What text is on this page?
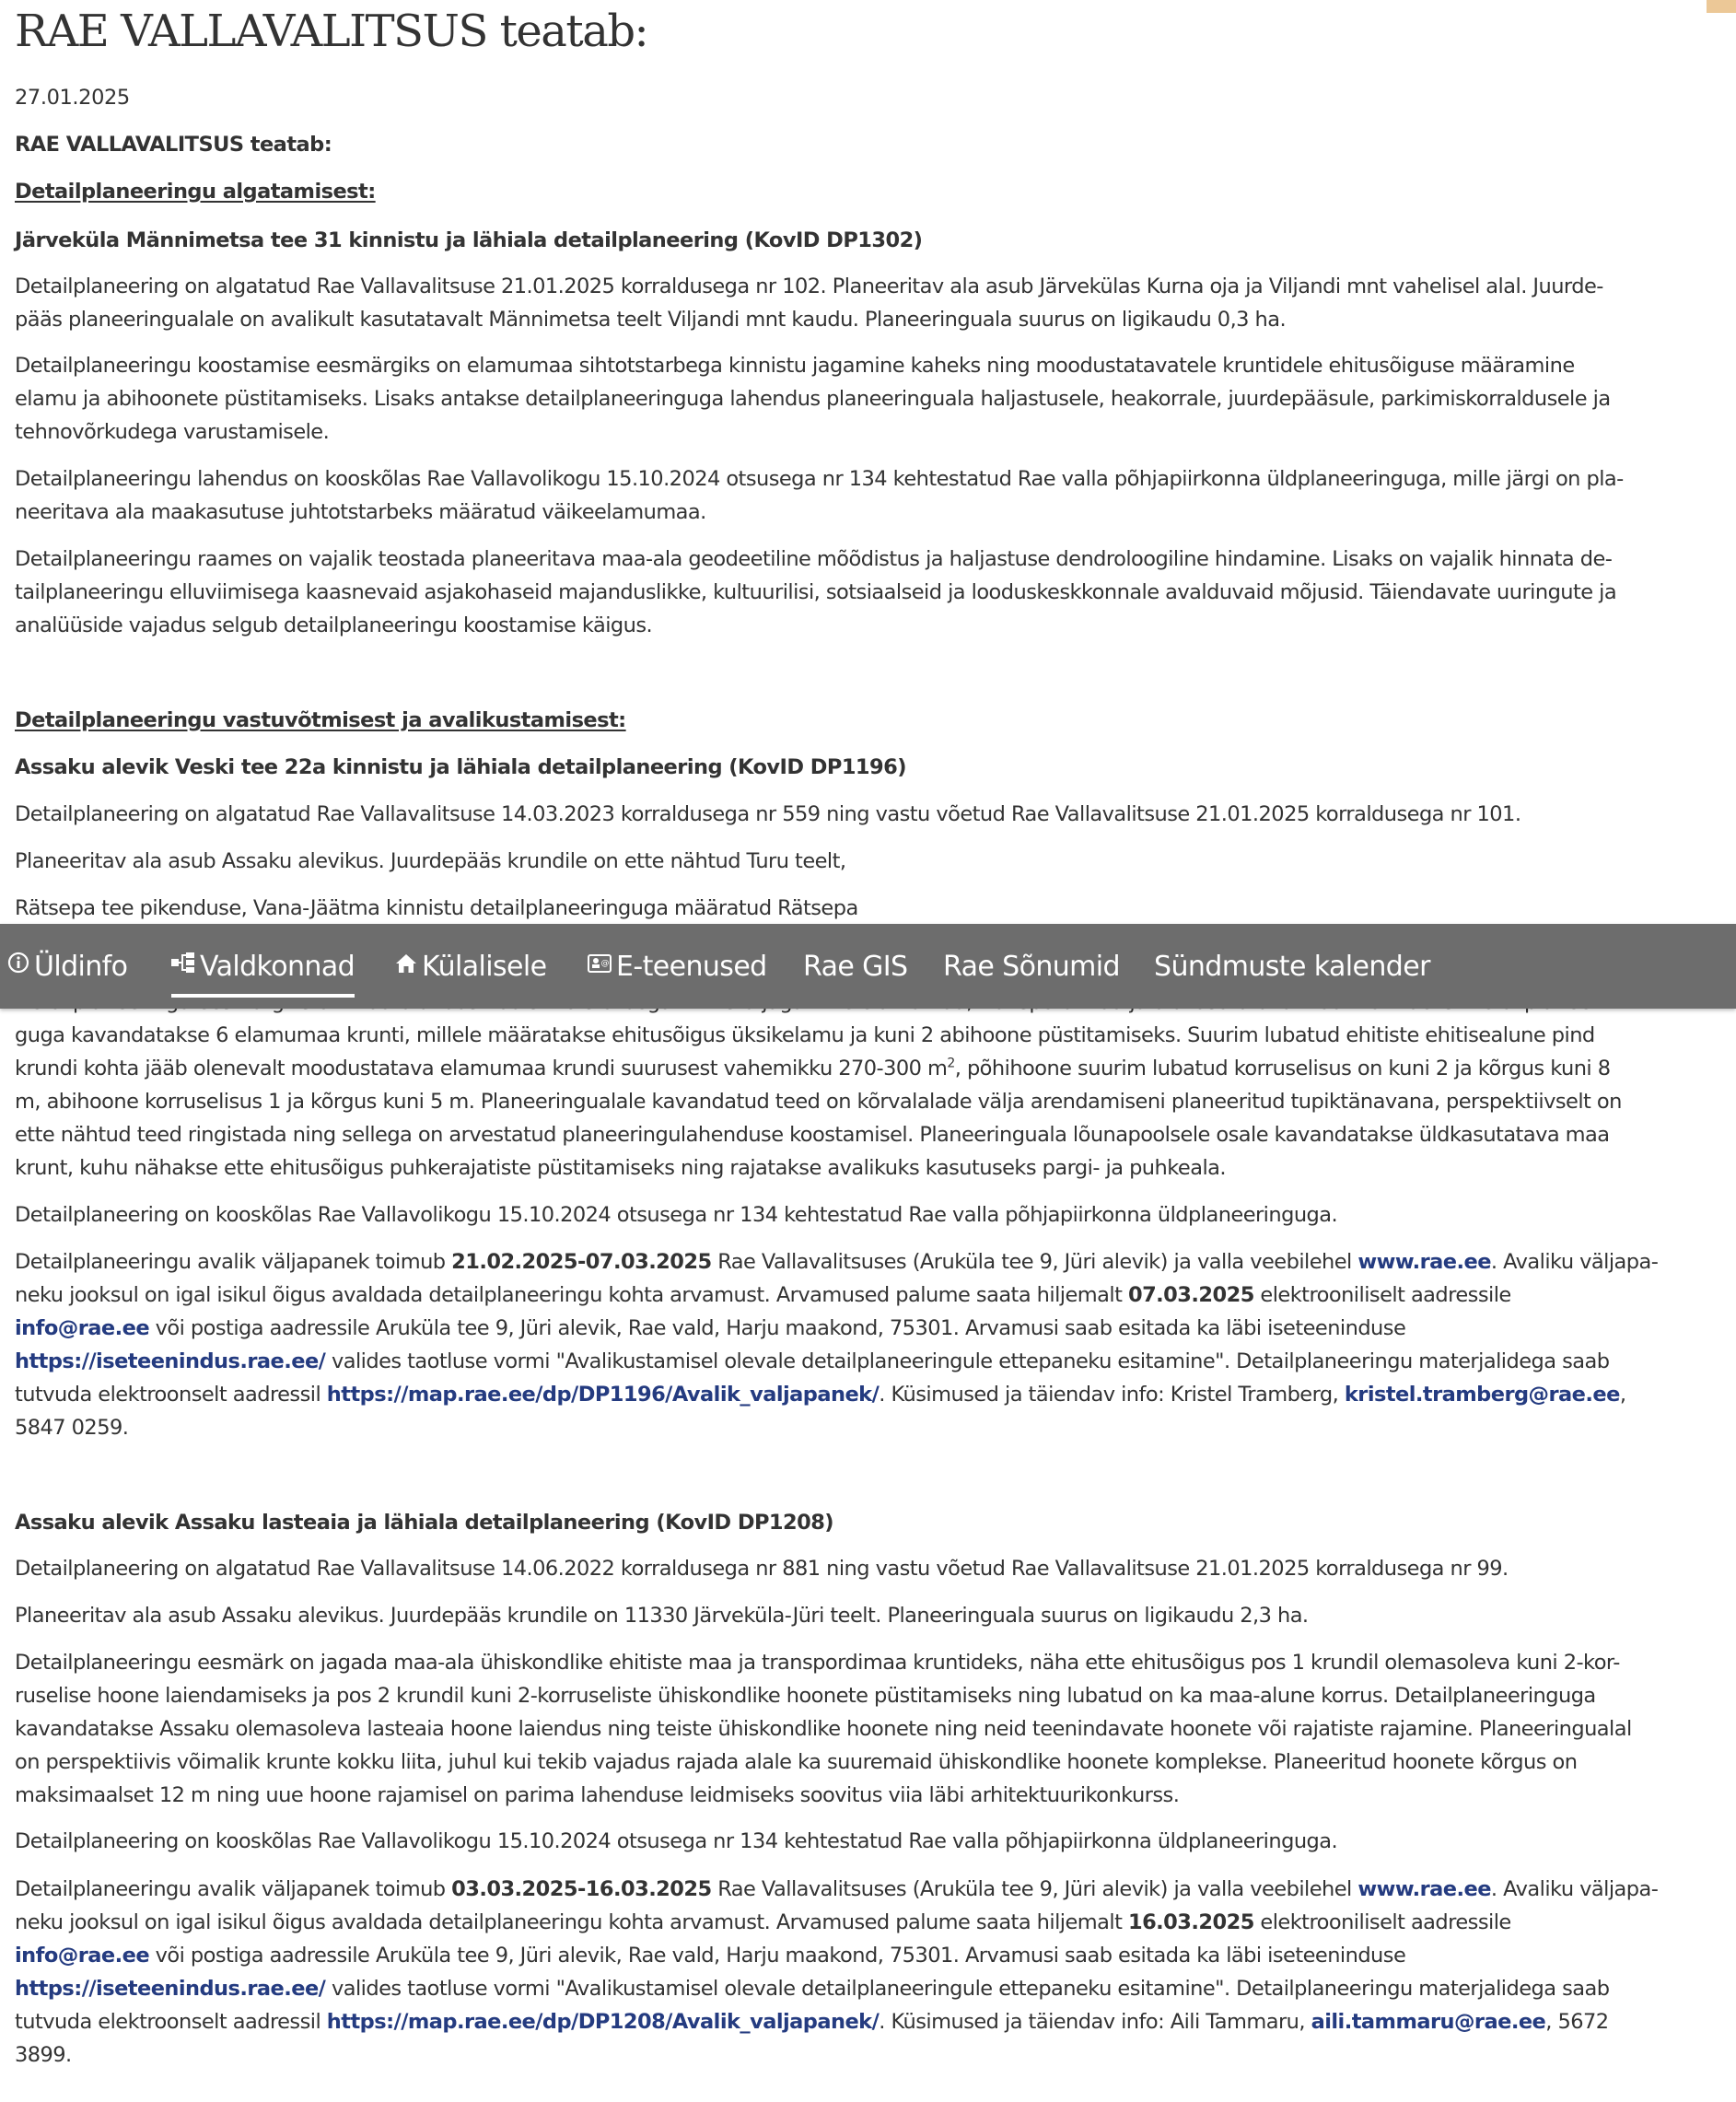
RAE VALLAVALITSUS teatab:
27.01.2025
RAE VALLAVALITSUS teatab:
Detailplaneeringu algatamisest:
Järveküla Männimetsa tee 31 kinnistu ja lähiala detailplaneering (KovID DP1302)
Detailplaneering on algatatud Rae Vallavalitsuse 21.01.2025 korraldusega nr 102. Planeeritav ala asub Järvekülas Kurna oja ja Viljandi mnt vahelisel alal. Juurde-
pääs planeeringualale on avalikult kasutatavalt Männimetsa teelt Viljandi mnt kaudu. Planeeringuala suurus on ligikaudu 0,3 ha.
Detailplaneeringu koostamise eesmärgiks on elamumaa sihtotstarbega kinnistu jagamine kaheks ning moodustatavatele kruntidele ehitusõiguse määramine
elamu ja abihoonete püstitamiseks. Lisaks antakse detailplaneeringuga lahendus planeeringuala haljastusele, heakorrale, juurdepääsule, parkimiskorraldusele ja
tehnovõrkudega varustamisele.
Detailplaneeringu lahendus on kooskõlas Rae Vallavolikogu 15.10.2024 otsusega nr 134 kehtestatud Rae valla põhjapiirkonna üldplaneeringuga, mille järgi on pla-
neeritava ala maakasutuse juhtotstarbeks määratud väikeelamumaa.
Detailplaneeringu raames on vajalik teostada planeeritava maa-ala geodeetiline mõõdistus ja haljastuse dendroloogiline hindamine. Lisaks on vajalik hinnata de-
tailplaneeringu elluviimisega kaasnevaid asjakohaseid majanduslikke, kultuurilisi, sotsiaalseid ja looduskeskkonnale avalduvaid mõjusid. Täiendavate uuringute ja
analüüside vajadus selgub detailplaneeringu koostamise käigus.
Detailplaneeringu vastuvõtmisest ja avalikustamisest:
Assaku alevik Veski tee 22a kinnistu ja lähiala detailplaneering (KovID DP1196)
Detailplaneering on algatatud Rae Vallavalitsuse 14.03.2023 korraldusega nr 559 ning vastu võetud Rae Vallavalitsuse 21.01.2025 korraldusega nr 101.
Planeeritav ala asub Assaku alevikus. Juurdepääs krundile on ette nähtud Turu teelt,
Rätsepa tee pikenduse, Vana-Jäätma kinnistu detailplaneeringuga määratud Rätsepa
guga kavandatakse 6 elamumaa krunti, millele määratakse ehitusõigus üksikelamu ja kuni 2 abihoone püstitamiseks. Suurim lubatud ehitiste ehitisealune pind
krundi kohta jääb olenevalt moodustatava elamumaa krundi suurusest vahemikku 270-300 $m^2$, põhihoone suurim lubatud korruselisus on kuni 2 ja kõrgus kuni 8
m, abihoone korruselisus 1 ja kõrgus kuni 5 m. Planeeringualale kavandatud teed on kõrvalalade välja arendamiseni planeeritud tupiktänavana, perspektiivselt on
ette nähtud teed ringistada ning sellega on arvestatud planeeringulahenduse koostamisel. Planeeringuala lõunapoolsele osale kavandatakse üldkasutatava maa
krunt, kuhu nähakse ette ehitusõigus puhkerajatiste püstitamiseks ning rajatakse avalikuks kasutuseks pargi- ja puhkeala.
Detailplaneering on kooskõlas Rae Vallavolikogu 15.10.2024 otsusega nr 134 kehtestatud Rae valla põhjapiirkonna üldplaneeringuga.
Detailplaneeringu avalik väljapanek toimub 21.02.2025-07.03.2025 Rae Vallavalitsuses (Aruküla tee 9, Jüri alevik) ja valla veebilehel www.rae.ee. Avaliku väljapa-
neku jooksul on igal isikul õigus avaldada detailplaneeringu kohta arvamust. Arvamused palume saata hiljemalt 07.03.2025 elektrooniliselt aadressile
info@rae.ee või postiga aadressile Aruküla tee 9, Jüri alevik, Rae vald, Harju maakond, 75301. Arvamusi saab esitada ka läbi iseteeninduse
https://iseteenindus.rae.ee/ valides taotluse vormi "Avalikustamisel olevale detailplaneeringule ettepaneku esitamine". Detailplaneeringu materjalidega saab
tutvuda elektroonselt aadressil https://map.rae.ee/dp/DP1196/Avalik_valjapanek/. Küsimused ja täiendav info: Kristel Tramberg, kristel.tramberg@rae.ee,
5847 0259.
Assaku alevik Assaku lasteaia ja lähiala detailplaneering (KovID DP1208)
Detailplaneering on algatatud Rae Vallavalitsuse 14.06.2022 korraldusega nr 881 ning vastu võetud Rae Vallavalitsuse 21.01.2025 korraldusega nr 99.
Planeeritav ala asub Assaku alevikus. Juurdepääs krundile on 11330 Järveküla-Jüri teelt. Planeeringuala suurus on ligikaudu 2,3 ha.
Detailplaneeringu eesmärk on jagada maa-ala ühiskondlike ehitiste maa ja transpordimaa kruntideks, näha ette ehitusõigus pos 1 krundil olemasoleva kuni 2-kor-
ruselise hoone laiendamiseks ja pos 2 krundil kuni 2-korruseliste ühiskondlike hoonete püstitamiseks ning lubatud on ka maa-alune korrus. Detailplaneeringuga
kavandatakse Assaku olemasoleva lasteaia hoone laiendus ning teiste ühiskondlike hoonete ning neid teenindavate hoonete või rajatiste rajamine. Planeeringualal
on perspektiivis võimalik krunte kokku liita, juhul kui tekib vajadus rajada alale ka suuremaid ühiskondlike hoonete komplekse. Planeeritud hoonete kõrgus on
maksimaalset 12 m ning uue hoone rajamisel on parima lahenduse leidmiseks soovitus viia läbi arhitektuurikonkurss.
Detailplaneering on kooskõlas Rae Vallavolikogu 15.10.2024 otsusega nr 134 kehtestatud Rae valla põhjapiirkonna üldplaneeringuga.
Detailplaneeringu avalik väljapanek toimub 03.03.2025-16.03.2025 Rae Vallavalitsuses (Aruküla tee 9, Jüri alevik) ja valla veebilehel www.rae.ee. Avaliku väljapa-
neku jooksul on igal isikul õigus avaldada detailplaneeringu kohta arvamust. Arvamused palume saata hiljemalt 16.03.2025 elektrooniliselt aadressile
info@rae.ee või postiga aadressile Aruküla tee 9, Jüri alevik, Rae vald, Harju maakond, 75301. Arvamusi saab esitada ka läbi iseteeninduse
https://iseteenindus.rae.ee/ valides taotluse vormi "Avalikustamisel olevale detailplaneeringule ettepaneku esitamine". Detailplaneeringu materjalidega saab
tutvuda elektroonselt aadressil https://map.rae.ee/dp/DP1208/Avalik_valjapanek/. Küsimused ja täiendav info: Aili Tammaru, aili.tammaru@rae.ee, 5672
3899.
Üldinfo	Valdkonnad	Külalisele	@ E-teenused Rae GIS Rae Sõnumid Sündmuste kalender
